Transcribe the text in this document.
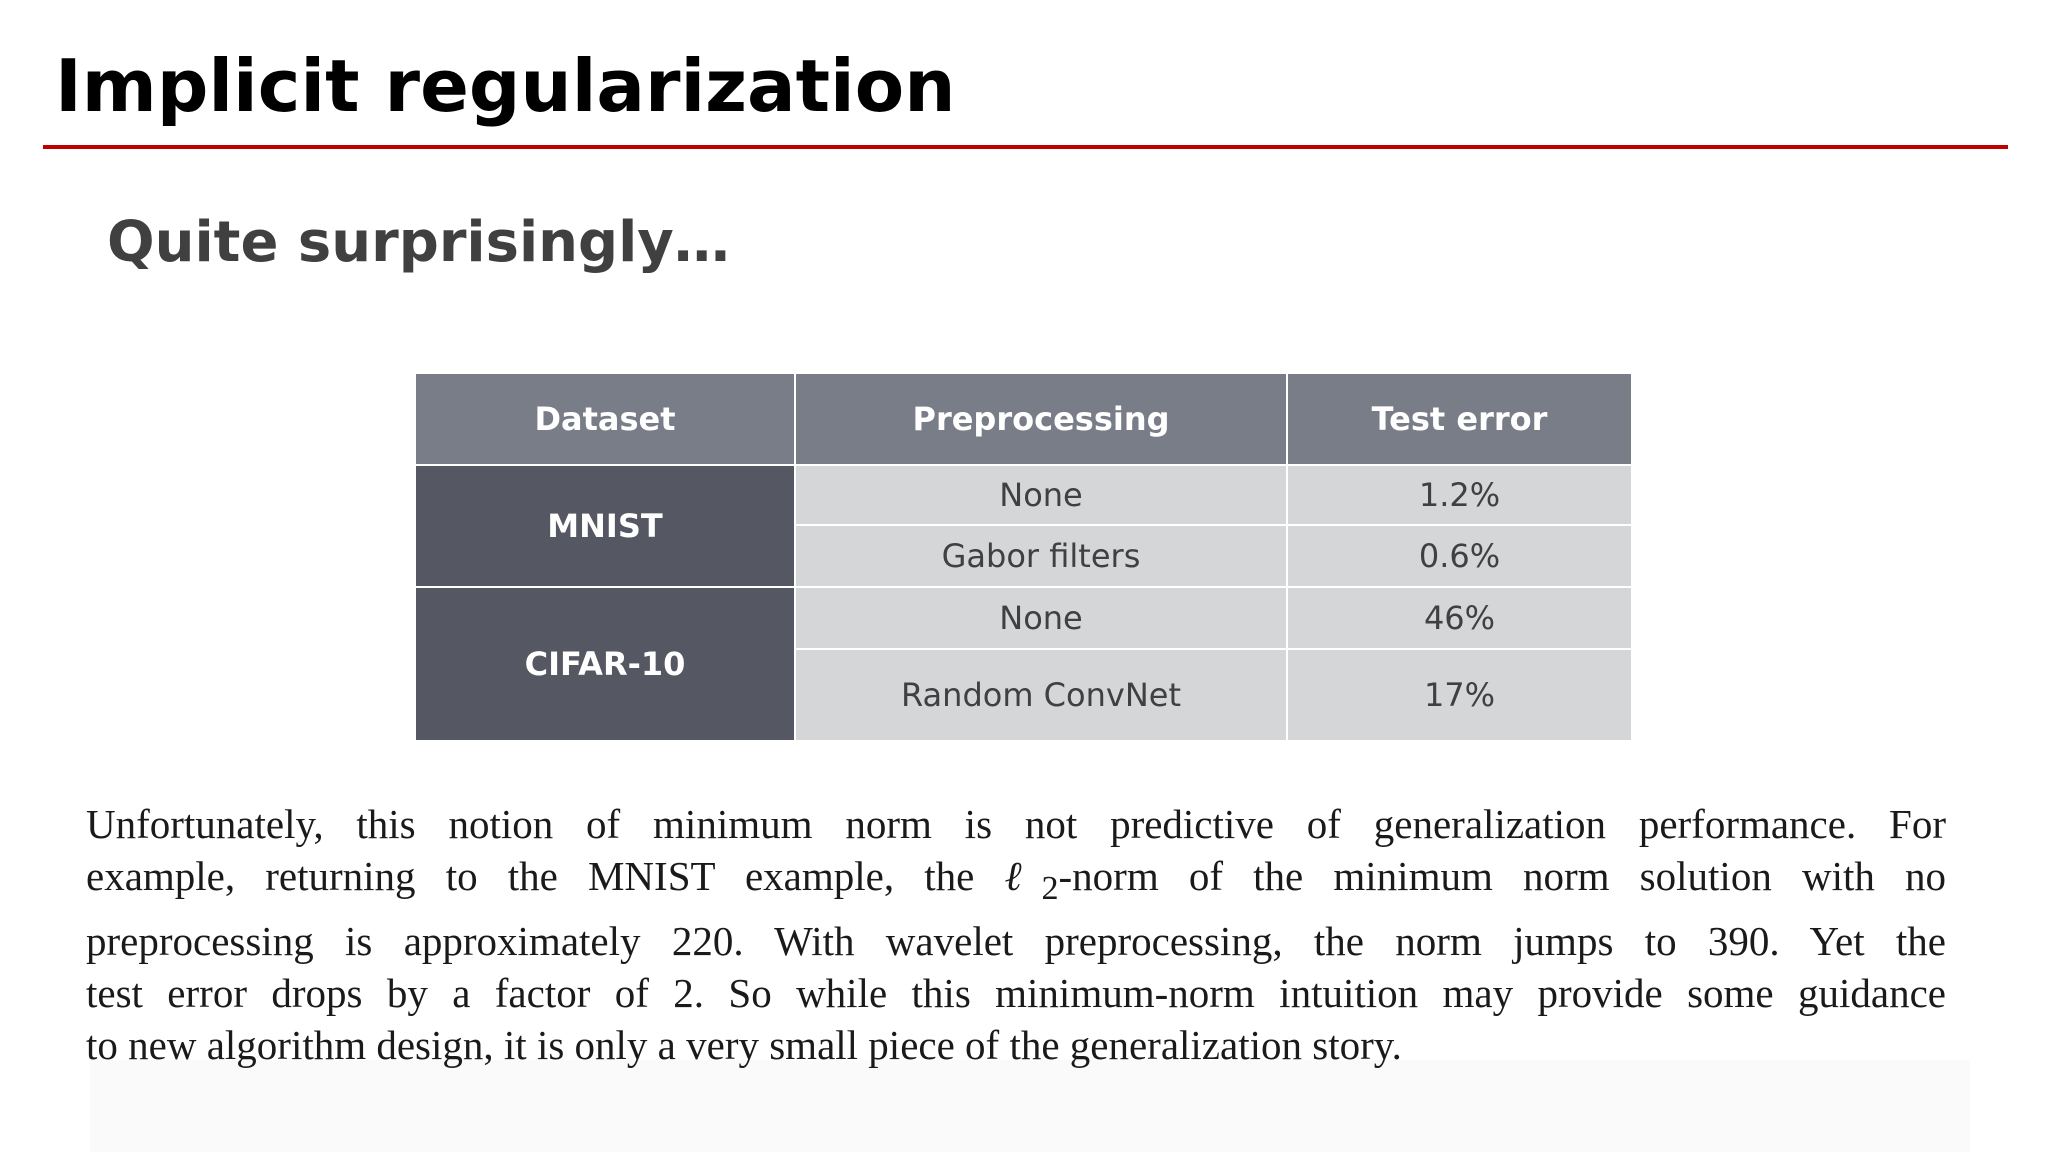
Implicit regularization
Quite surprisingly…
Dataset	Preprocessing	Test error
MNIST	None	1.2%
	Gabor filters	0.6%
CIFAR-10	None	46%
	Random ConvNet	17%
Unfortunately, this notion of minimum norm is not predictive of generalization performance. For
example, returning to the MNIST example, the ℓ$_2$-norm of the minimum norm solution with no
preprocessing is approximately 220. With wavelet preprocessing, the norm jumps to 390. Yet the
test error drops by a factor of 2. So while this minimum-norm intuition may provide some guidance
to new algorithm design, it is only a very small piece of the generalization story.
